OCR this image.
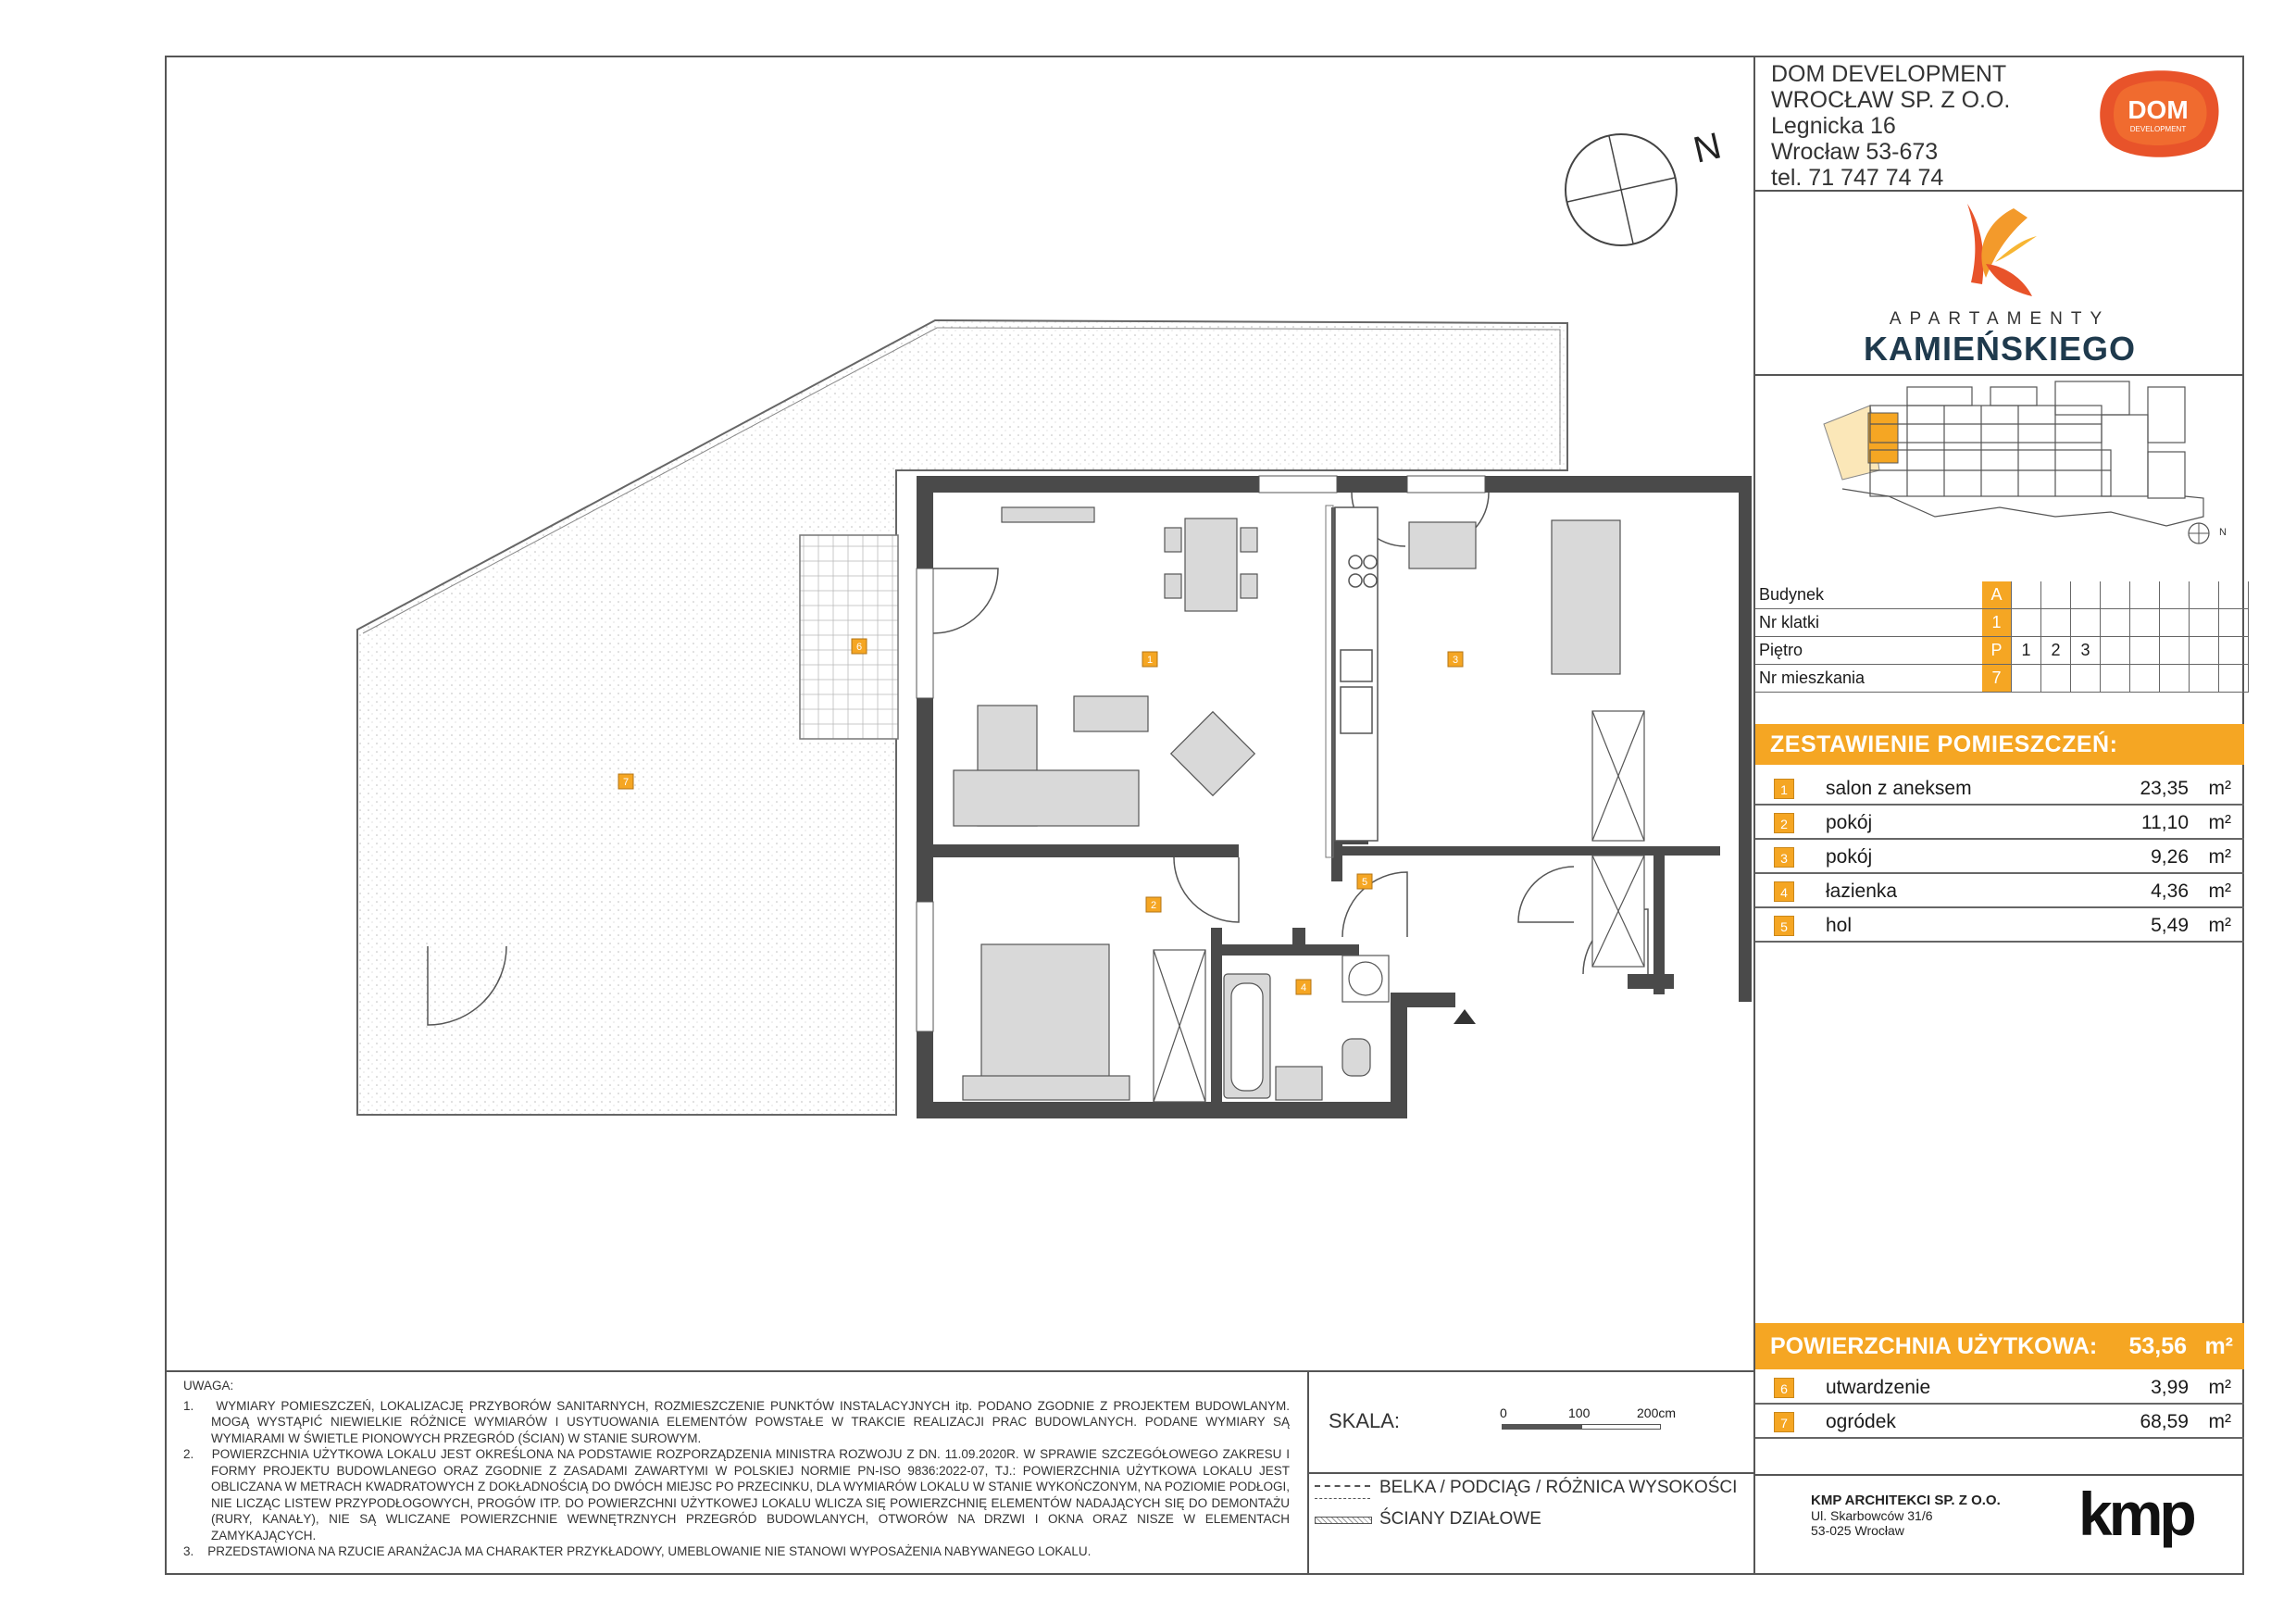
DOM DEVELOPMENT
WROCŁAW SP. Z O.O.
Legnicka 16
Wrocław 53-673
tel. 71 747 74 74
DOM
DEVELOPMENT
APARTAMENTY
KAMIEŃSKIEGO
N
Budynek	A								
Nr klatki	1								
Piętro	P	1	2	3					
Nr mieszkania	7								
ZESTAWIENIE POMIESZCZEŃ:
1	salon z aneksem	23,35 m²
2	pokój	11,10 m²
3	pokój	9,26 m²
4	łazienka	4,36 m²
5	hol	5,49 m²
POWIERZCHNIA UŻYTKOWA: 53,56 m²
6	utwardzenie	3,99 m²
7	ogródek	68,59 m²
UWAGA:
1.    WYMIARY POMIESZCZEŃ, LOKALIZACJĘ PRZYBORÓW SANITARNYCH, ROZMIESZCZENIE PUNKTÓW INSTALACYJNYCH itp. PODANO ZGODNIE Z PROJEKTEM BUDOWLANYM. MOGĄ WYSTĄPIĆ NIEWIELKIE RÓŻNICE WYMIARÓW I USYTUOWANIA ELEMENTÓW POWSTAŁE W TRAKCIE REALIZACJI PRAC BUDOWLANYCH. PODANE WYMIARY SĄ WYMIARAMI W ŚWIETLE PIONOWYCH PRZEGRÓD (ŚCIAN) W STANIE SUROWYM.
2.    POWIERZCHNIA UŻYTKOWA LOKALU JEST OKREŚLONA NA PODSTAWIE ROZPORZĄDZENIA MINISTRA ROZWOJU Z DN. 11.09.2020R. W SPRAWIE SZCZEGÓŁOWEGO ZAKRESU I FORMY PROJEKTU BUDOWLANEGO ORAZ ZGODNIE Z ZASADAMI ZAWARTYMI W POLSKIEJ NORMIE PN-ISO 9836:2022-07, TJ.: POWIERZCHNIA UŻYTKOWA LOKALU JEST OBLICZANA W METRACH KWADRATOWYCH Z DOKŁADNOŚCIĄ DO DWÓCH MIEJSC PO PRZECINKU, DLA WYMIARÓW LOKALU W STANIE WYKOŃCZONYM, NA POZIOMIE PODŁOGI, NIE LICZĄC LISTEW PRZYPODŁOGOWYCH, PROGÓW ITP. DO POWIERZCHNI UŻYTKOWEJ LOKALU WLICZA SIĘ POWIERZCHNIĘ ELEMENTÓW NADAJĄCYCH SIĘ DO DEMONTAŻU (RURY, KANAŁY), NIE SĄ WLICZANE POWIERZCHNIE WEWNĘTRZNYCH PRZEGRÓD BUDOWLANYCH, OTWORÓW NA DRZWI I OKNA ORAZ NISZE W ELEMENTACH ZAMYKAJĄCYCH.
3.    PRZEDSTAWIONA NA RZUCIE ARANŻACJA MA CHARAKTER PRZYKŁADOWY, UMEBLOWANIE NIE STANOWI WYPOSAŻENIA NABYWANEGO LOKALU.
SKALA:	0	100	200cm
BELKA / PODCIĄG / RÓŻNICA WYSOKOŚCI
ŚCIANY DZIAŁOWE
KMP ARCHITEKCI SP. Z O.O.
Ul. Skarbowców 31/6
53-025 Wrocław	kmp
N
1
2
3
4
5
6
7
